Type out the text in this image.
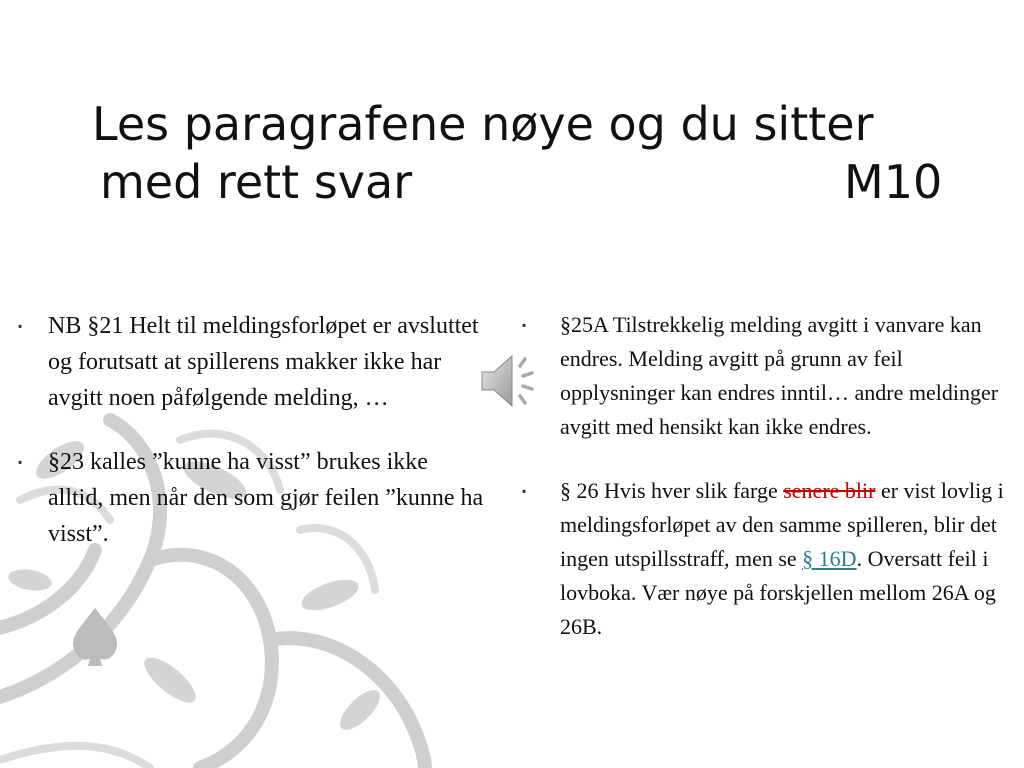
Les paragrafene nøye og du sitter
med rett svar	M10

▪ NB §21 Helt til meldingsforløpet er avsluttet og forutsatt at spillerens makker ikke har avgitt noen påfølgende melding, …

▪ §23 kalles ”kunne ha visst” brukes ikke alltid, men når den som gjør feilen ”kunne ha visst”.

▪ §25A Tilstrekkelig melding avgitt i vanvare kan endres. Melding avgitt på grunn av feil opplysninger kan endres inntil… andre meldinger avgitt med hensikt kan ikke endres.

▪ § 26 Hvis hver slik farge senere blir er vist lovlig i meldingsforløpet av den samme spilleren, blir det ingen utspillsstraff, men se § 16D. Oversatt feil i lovboka. Vær nøye på forskjellen mellom 26A og 26B.
